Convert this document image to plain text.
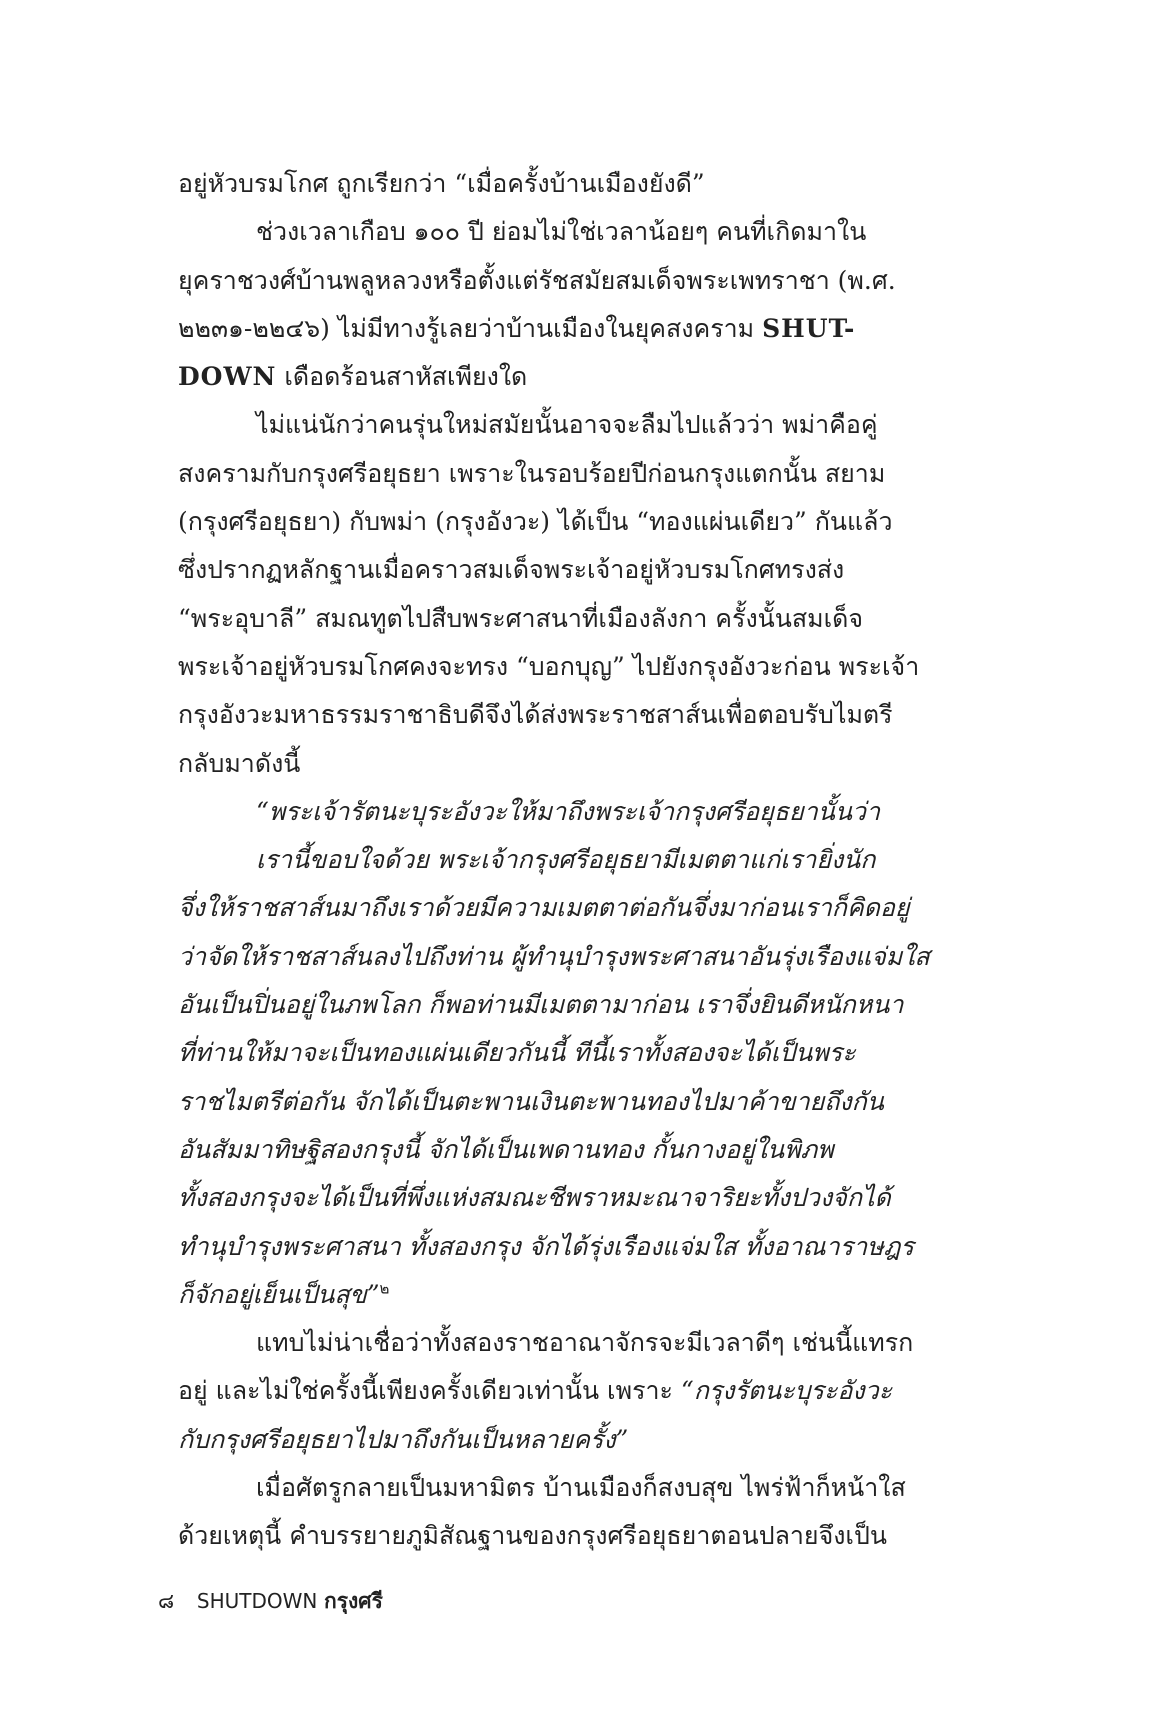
อยู่หัวบรมโกศ ถูกเรียกว่า “เมื่อครั้งบ้านเมืองยังดี”
ช่วงเวลาเกือบ ๑๐๐ ปี ย่อมไม่ใช่เวลาน้อยๆ คนที่เกิดมาใน
ยุคราชวงศ์บ้านพลูหลวงหรือตั้งแต่รัชสมัยสมเด็จพระเพทราชา (พ.ศ.
๒๒๓๑-๒๒๔๖) ไม่มีทางรู้เลยว่าบ้านเมืองในยุคสงคราม SHUT-
DOWN เดือดร้อนสาหัสเพียงใด
ไม่แน่นักว่าคนรุ่นใหม่สมัยนั้นอาจจะลืมไปแล้วว่า พม่าคือคู่
สงครามกับกรุงศรีอยุธยา เพราะในรอบร้อยปีก่อนกรุงแตกนั้น สยาม
(กรุงศรีอยุธยา) กับพม่า (กรุงอังวะ) ได้เป็น “ทองแผ่นเดียว” กันแล้ว
ซึ่งปรากฏหลักฐานเมื่อคราวสมเด็จพระเจ้าอยู่หัวบรมโกศทรงส่ง
“พระอุบาลี” สมณทูตไปสืบพระศาสนาที่เมืองลังกา ครั้งนั้นสมเด็จ
พระเจ้าอยู่หัวบรมโกศคงจะทรง “บอกบุญ” ไปยังกรุงอังวะก่อน พระเจ้า
กรุงอังวะมหาธรรมราชาธิบดีจึงได้ส่งพระราชสาส์นเพื่อตอบรับไมตรี
กลับมาดังนี้
“พระเจ้ารัตนะบุระอังวะให้มาถึงพระเจ้ากรุงศรีอยุธยานั้นว่า
เรานี้ขอบใจด้วย พระเจ้ากรุงศรีอยุธยามีเมตตาแก่เรายิ่งนัก
จึ่งให้ราชสาส์นมาถึงเราด้วยมีความเมตตาต่อกันจึ่งมาก่อนเราก็คิดอยู่
ว่าจัดให้ราชสาส์นลงไปถึงท่าน ผู้ทำนุบำรุงพระศาสนาอันรุ่งเรืองแจ่มใส
อันเป็นปิ่นอยู่ในภพโลก ก็พอท่านมีเมตตามาก่อน เราจึ่งยินดีหนักหนา
ที่ท่านให้มาจะเป็นทองแผ่นเดียวกันนี้ ทีนี้เราทั้งสองจะได้เป็นพระ
ราชไมตรีต่อกัน จักได้เป็นตะพานเงินตะพานทองไปมาค้าขายถึงกัน
อันสัมมาทิษฐิสองกรุงนี้ จักได้เป็นเพดานทอง กั้นกางอยู่ในพิภพ
ทั้งสองกรุงจะได้เป็นที่พึ่งแห่งสมณะชีพราหมะณาจาริยะทั้งปวงจักได้
ทำนุบำรุงพระศาสนา ทั้งสองกรุง จักได้รุ่งเรืองแจ่มใส ทั้งอาณาราษฎร
ก็จักอยู่เย็นเป็นสุข”$^๒$
แทบไม่น่าเชื่อว่าทั้งสองราชอาณาจักรจะมีเวลาดีๆ เช่นนี้แทรก
อยู่ และไม่ใช่ครั้งนี้เพียงครั้งเดียวเท่านั้น เพราะ “กรุงรัตนะบุระอังวะ
กับกรุงศรีอยุธยาไปมาถึงกันเป็นหลายครั้ง”
เมื่อศัตรูกลายเป็นมหามิตร บ้านเมืองก็สงบสุข ไพร่ฟ้าก็หน้าใส
ด้วยเหตุนี้ คำบรรยายภูมิสัณฐานของกรุงศรีอยุธยาตอนปลายจึงเป็น
๘ SHUTDOWN กรุงศรี
